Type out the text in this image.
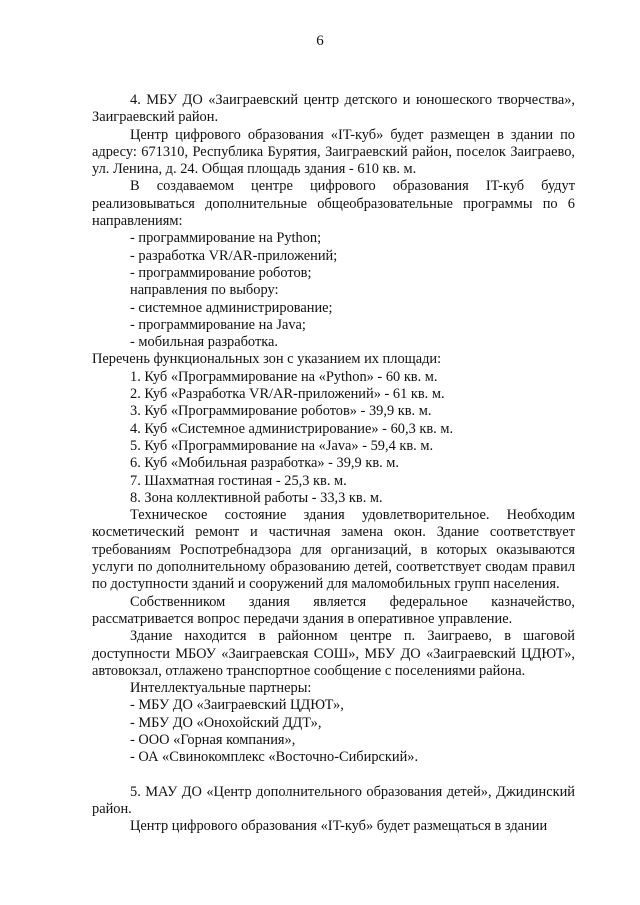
6

4. МБУ ДО «Заиграевский центр детского и юношеского творчества», Заиграевский район.

Центр цифрового образования «IT-куб» будет размещен в здании по адресу: 671310, Республика Бурятия, Заиграевский район, поселок Заиграево, ул. Ленина, д. 24. Общая площадь здания - 610 кв. м.

В создаваемом центре цифрового образования IT-куб будут реализовываться дополнительные общеобразовательные программы по 6 направлениям:

- программирование на Python;

- разработка VR/AR-приложений;

- программирование роботов;

направления по выбору:

- системное администрирование;

- программирование на Java;

- мобильная разработка.

Перечень функциональных зон с указанием их площади:

1. Куб «Программирование на «Python» - 60 кв. м.

2. Куб «Разработка VR/AR-приложений» - 61 кв. м.

3. Куб «Программирование роботов» - 39,9 кв. м.

4. Куб «Системное администрирование» - 60,3 кв. м.

5. Куб «Программирование на «Java» - 59,4 кв. м.

6. Куб «Мобильная разработка» - 39,9 кв. м.

7. Шахматная гостиная - 25,3 кв. м.

8. Зона коллективной работы - 33,3 кв. м.

Техническое состояние здания удовлетворительное. Необходим косметический ремонт и частичная замена окон. Здание соответствует требованиям Роспотребнадзора для организаций, в которых оказываются услуги по дополнительному образованию детей, соответствует сводам правил по доступности зданий и сооружений для маломобильных групп населения.

Собственником здания является федеральное казначейство, рассматривается вопрос передачи здания в оперативное управление.

Здание находится в районном центре п. Заиграево, в шаговой доступности МБОУ «Заиграевская СОШ», МБУ ДО «Заиграевский ЦДЮТ», автовокзал, отлажено транспортное сообщение с поселениями района.

Интеллектуальные партнеры:

- МБУ ДО «Заиграевский ЦДЮТ»,

- МБУ ДО «Онохойский ДДТ»,

- ООО «Горная компания»,

- ОА «Свинокомплекс «Восточно-Сибирский».

5. МАУ ДО «Центр дополнительного образования детей», Джидинский район.

Центр цифрового образования «IT-куб» будет размещаться в здании
